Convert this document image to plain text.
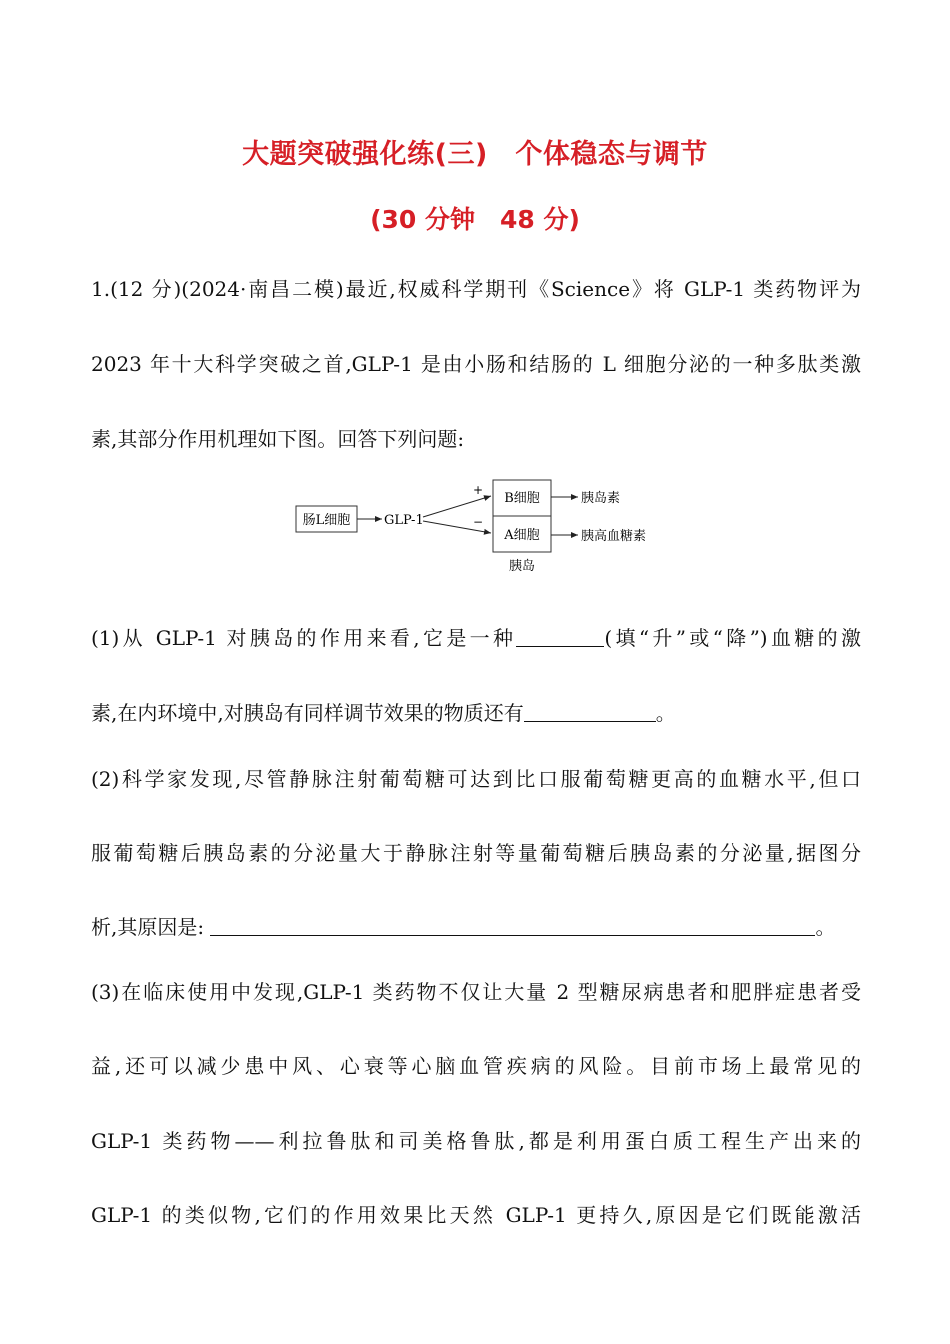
大题突破强化练(三)　个体稳态与调节
(30 分钟　48 分)
1.(12 分)(2024·南昌二模)最近,权威科学期刊《Science》将 GLP-1 类药物评为
2023 年十大科学突破之首,GLP-1 是由小肠和结肠的 L 细胞分泌的一种多肽类激
素,其部分作用机理如下图。回答下列问题:
肠L细胞	GLP-1
+
−
B细胞
A细胞
胰岛
胰岛素
胰高血糖素
(1)从 GLP-1 对胰岛的作用来看,它是一种	(填“升”或“降”)血糖的激
素,在内环境中,对胰岛有同样调节效果的物质还有	。
(2)科学家发现,尽管静脉注射葡萄糖可达到比口服葡萄糖更高的血糖水平,但口
服葡萄糖后胰岛素的分泌量大于静脉注射等量葡萄糖后胰岛素的分泌量,据图分
析,其原因是:	。
(3)在临床使用中发现,GLP-1 类药物不仅让大量 2 型糖尿病患者和肥胖症患者受
益,还可以减少患中风、心衰等心脑血管疾病的风险。目前市场上最常见的
GLP-1 类药物——利拉鲁肽和司美格鲁肽,都是利用蛋白质工程生产出来的
GLP-1 的类似物,它们的作用效果比天然 GLP-1 更持久,原因是它们既能激活
